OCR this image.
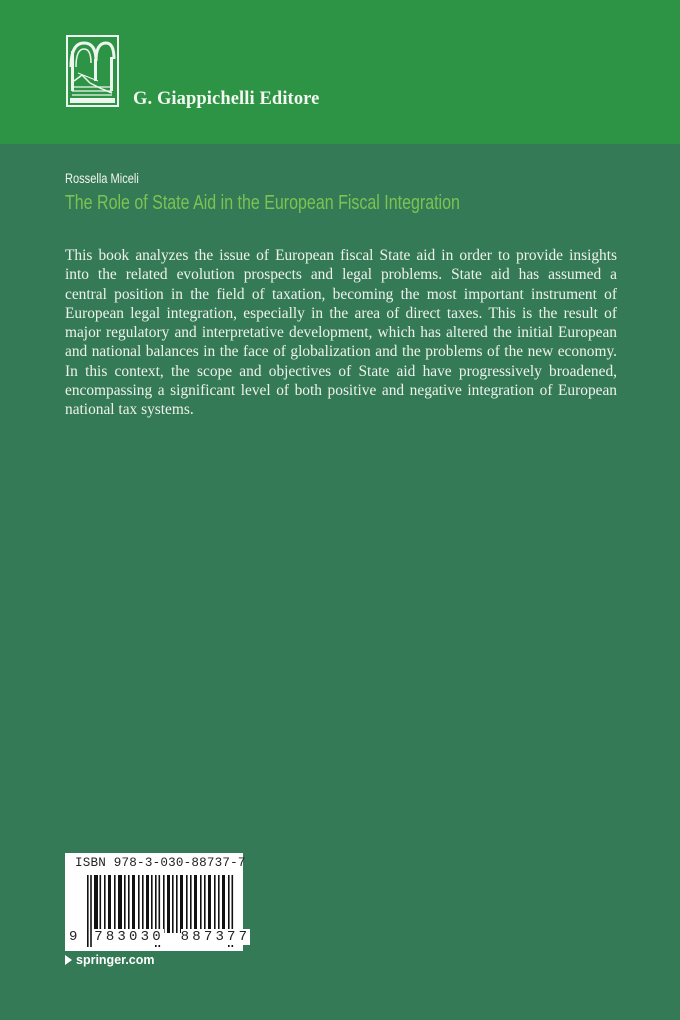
G. Giappichelli Editore
Rossella Miceli
The Role of State Aid in the European Fiscal Integration
This book analyzes the issue of European fiscal State aid in order to provide insights
into the related evolution prospects and legal problems. State aid has assumed a
central position in the field of taxation, becoming the most important instrument of
European legal integration, especially in the area of direct taxes. This is the result of
major regulatory and interpretative development, which has altered the initial European
and national balances in the face of globalization and the problems of the new economy.
In this context, the scope and objectives of State aid have progressively broadened,
encompassing a significant level of both positive and negative integration of European
national tax systems.
ISBN 978-3-030-88737-7
9 783030 887377
springer.com
